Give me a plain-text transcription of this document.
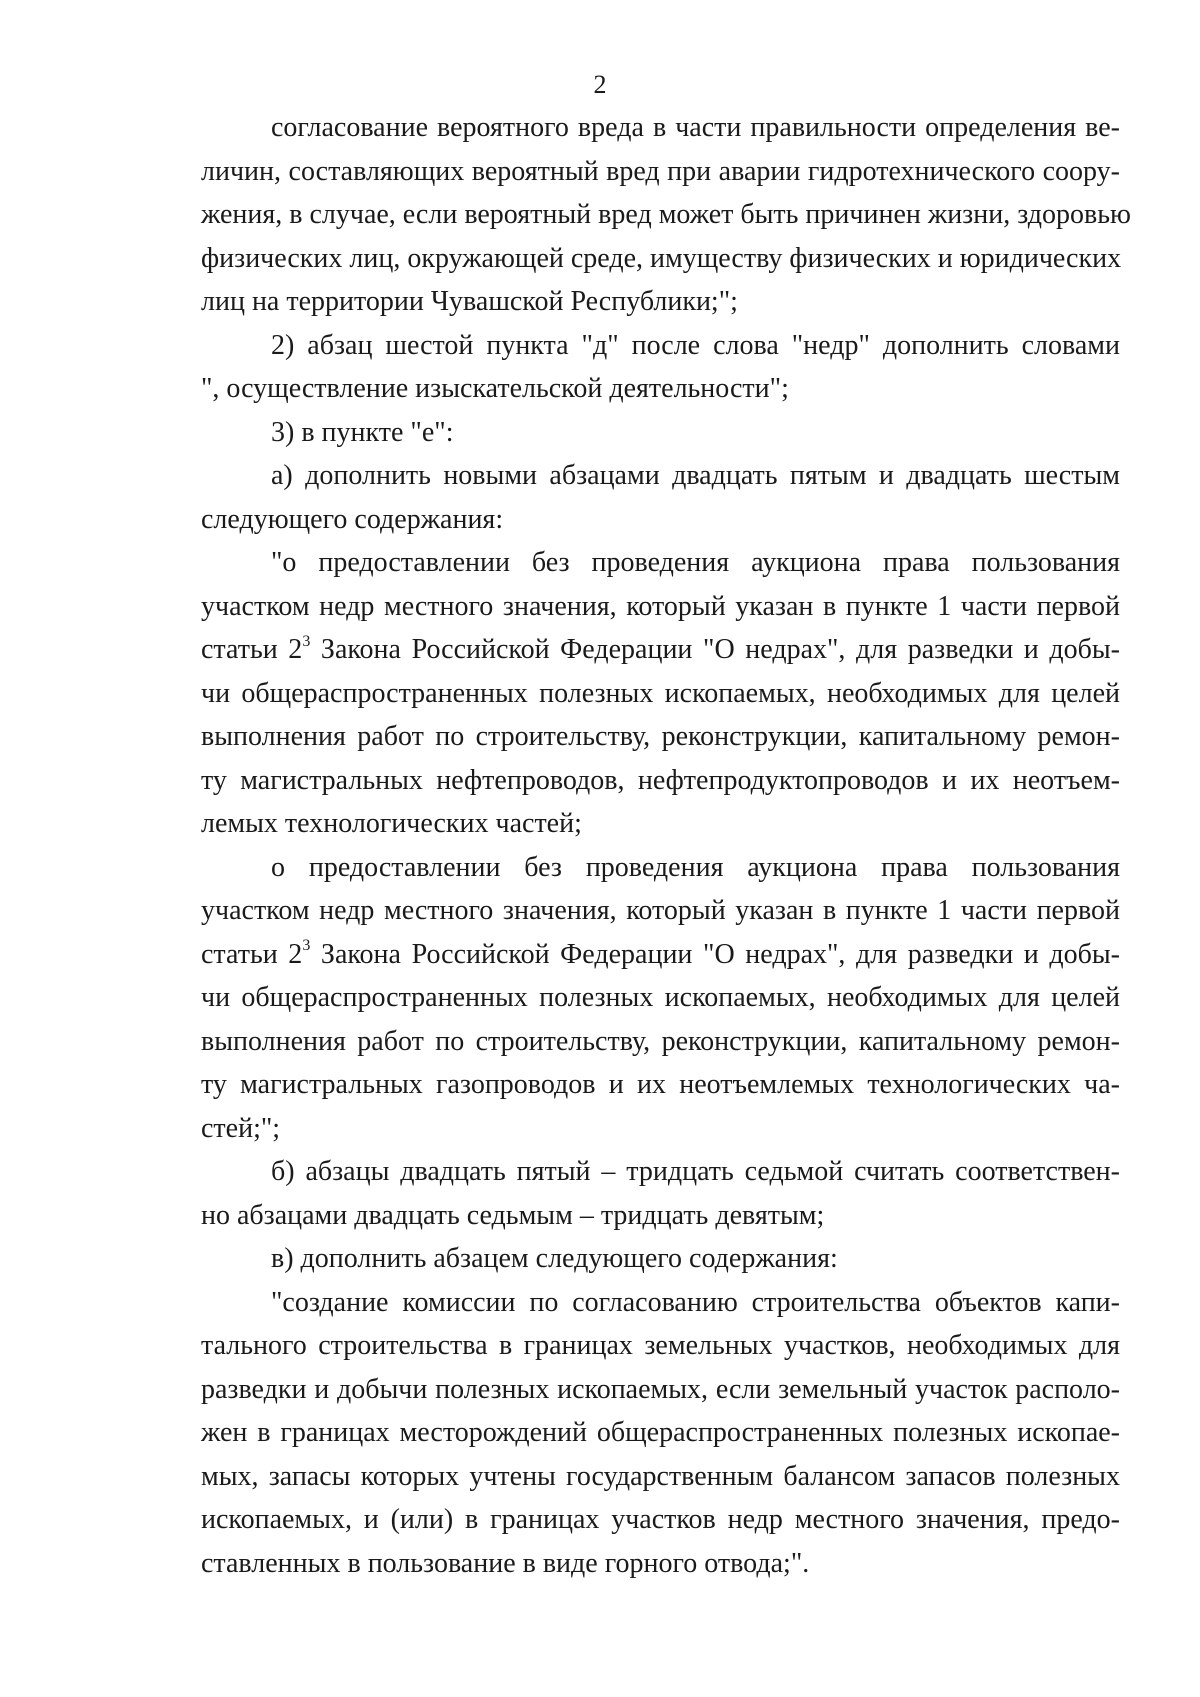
2

согласование вероятного вреда в части правильности определения ве-
личин, составляющих вероятный вред при аварии гидротехнического соору-
жения, в случае, если вероятный вред может быть причинен жизни, здоровью
физических лиц, окружающей среде, имуществу физических и юридических
лиц на территории Чувашской Республики;";

2) абзац шестой пункта "д" после слова "недр" дополнить словами
", осуществление изыскательской деятельности";

3) в пункте "е":

а) дополнить новыми абзацами двадцать пятым и двадцать шестым
следующего содержания:

"о предоставлении без проведения аукциона права пользования
участком недр местного значения, который указан в пункте 1 части первой
статьи $2^3$ Закона Российской Федерации "О недрах", для разведки и добы-
чи общераспространенных полезных ископаемых, необходимых для целей
выполнения работ по строительству, реконструкции, капитальному ремон-
ту магистральных нефтепроводов, нефтепродуктопроводов и их неотъем-
лемых технологических частей;

о предоставлении без проведения аукциона права пользования
участком недр местного значения, который указан в пункте 1 части первой
статьи $2^3$ Закона Российской Федерации "О недрах", для разведки и добы-
чи общераспространенных полезных ископаемых, необходимых для целей
выполнения работ по строительству, реконструкции, капитальному ремон-
ту магистральных газопроводов и их неотъемлемых технологических ча-
стей;";

б) абзацы двадцать пятый – тридцать седьмой считать соответствен-
но абзацами двадцать седьмым – тридцать девятым;

в) дополнить абзацем следующего содержания:

"создание комиссии по согласованию строительства объектов капи-
тального строительства в границах земельных участков, необходимых для
разведки и добычи полезных ископаемых, если земельный участок располо-
жен в границах месторождений общераспространенных полезных ископае-
мых, запасы которых учтены государственным балансом запасов полезных
ископаемых, и (или) в границах участков недр местного значения, предо-
ставленных в пользование в виде горного отвода;".
